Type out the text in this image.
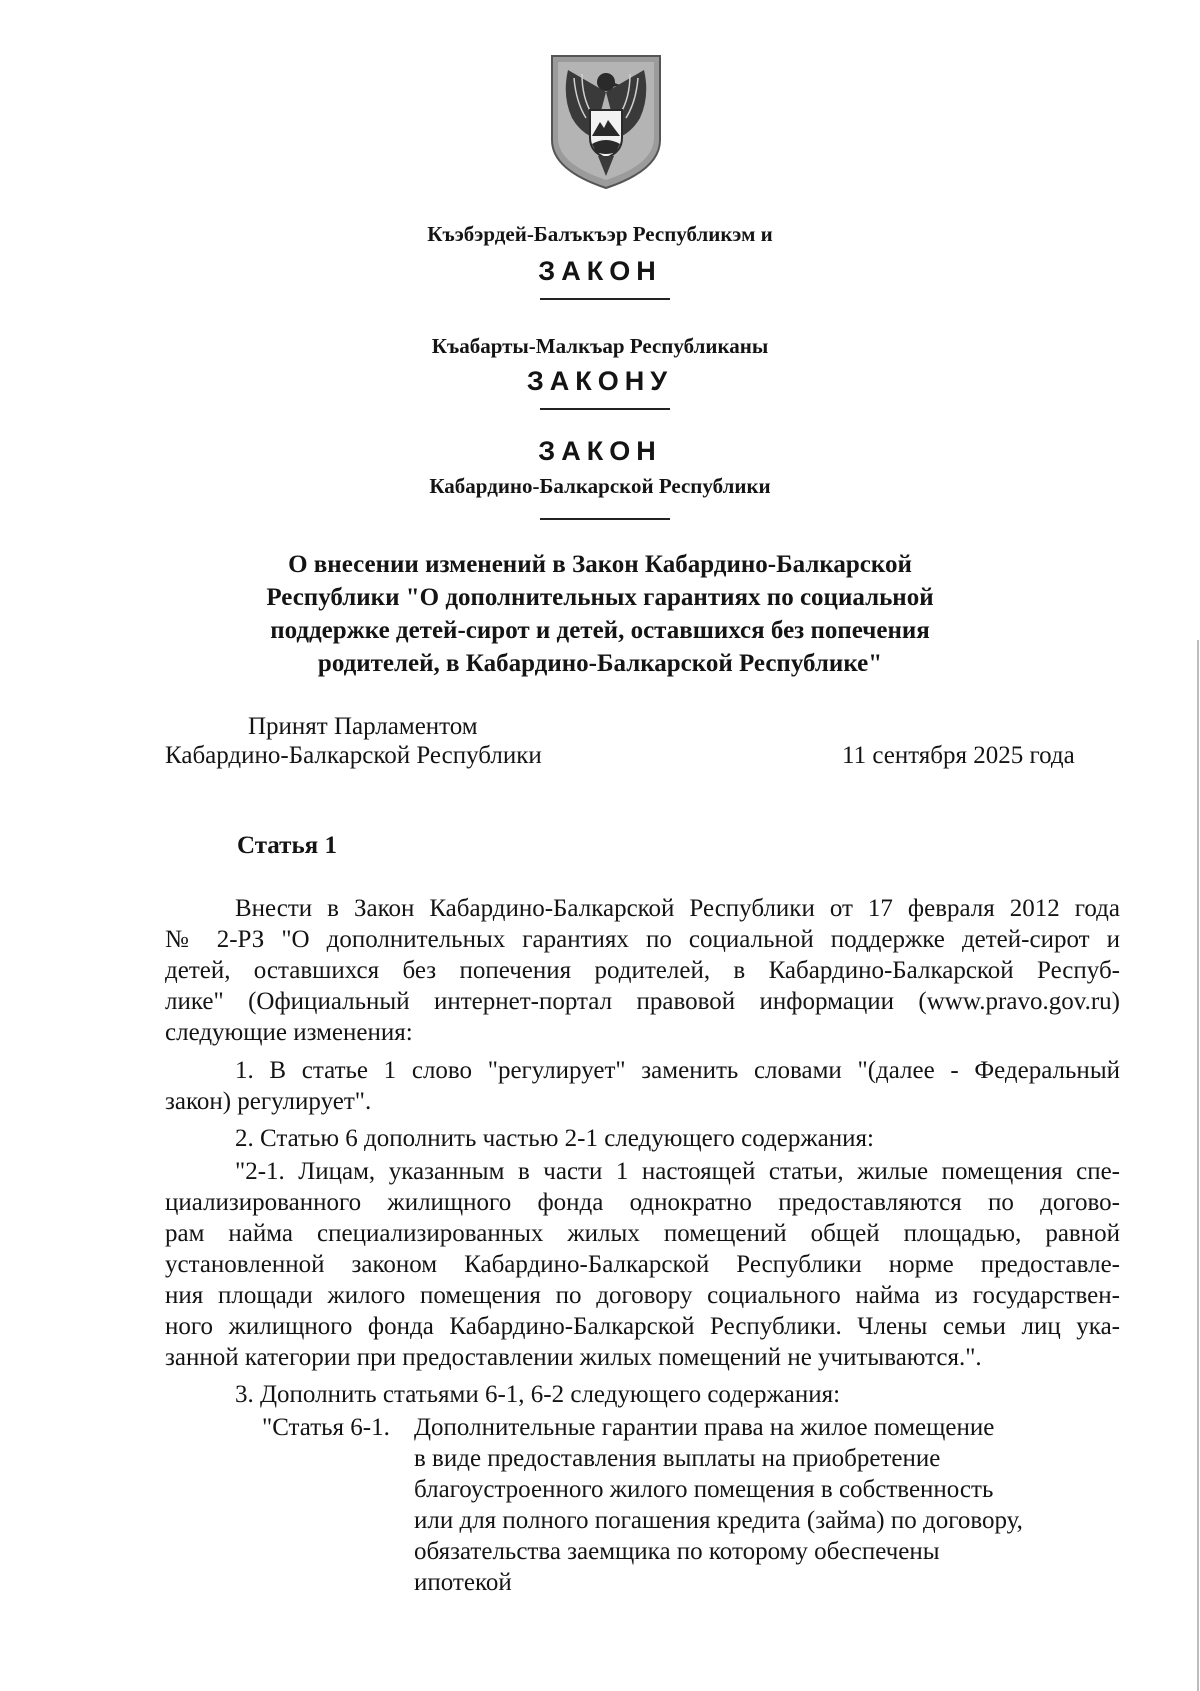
Къэбэрдей-Балъкъэр Республикэм и
ЗАКОН
Къабарты-Малкъар Республиканы
ЗАКОНУ
ЗАКОН
Кабардино-Балкарской Республики
О внесении изменений в Закон Кабардино-Балкарской
Республики "О дополнительных гарантиях по социальной
поддержке детей-сирот и детей, оставшихся без попечения
родителей, в Кабардино-Балкарской Республике"
Принят Парламентом
Кабардино-Балкарской Республики	11 сентября 2025 года
Статья 1
Внести в Закон Кабардино-Балкарской Республики от 17 февраля 2012 года
№ 2-РЗ "О дополнительных гарантиях по социальной поддержке детей-сирот и
детей, оставшихся без попечения родителей, в Кабардино-Балкарской Респуб-
лике" (Официальный интернет-портал правовой информации (www.pravo.gov.ru)
следующие изменения:
1. В статье 1 слово "регулирует" заменить словами "(далее - Федеральный
закон) регулирует".
2. Статью 6 дополнить частью 2-1 следующего содержания:
"2-1. Лицам, указанным в части 1 настоящей статьи, жилые помещения спе-
циализированного жилищного фонда однократно предоставляются по догово-
рам найма специализированных жилых помещений общей площадью, равной
установленной законом Кабардино-Балкарской Республики норме предоставле-
ния площади жилого помещения по договору социального найма из государствен-
ного жилищного фонда Кабардино-Балкарской Республики. Члены семьи лиц ука-
занной категории при предоставлении жилых помещений не учитываются.".
3. Дополнить статьями 6-1, 6-2 следующего содержания:
"Статья 6-1. Дополнительные гарантии права на жилое помещение
в виде предоставления выплаты на приобретение
благоустроенного жилого помещения в собственность
или для полного погашения кредита (займа) по договору,
обязательства заемщика по которому обеспечены
ипотекой
